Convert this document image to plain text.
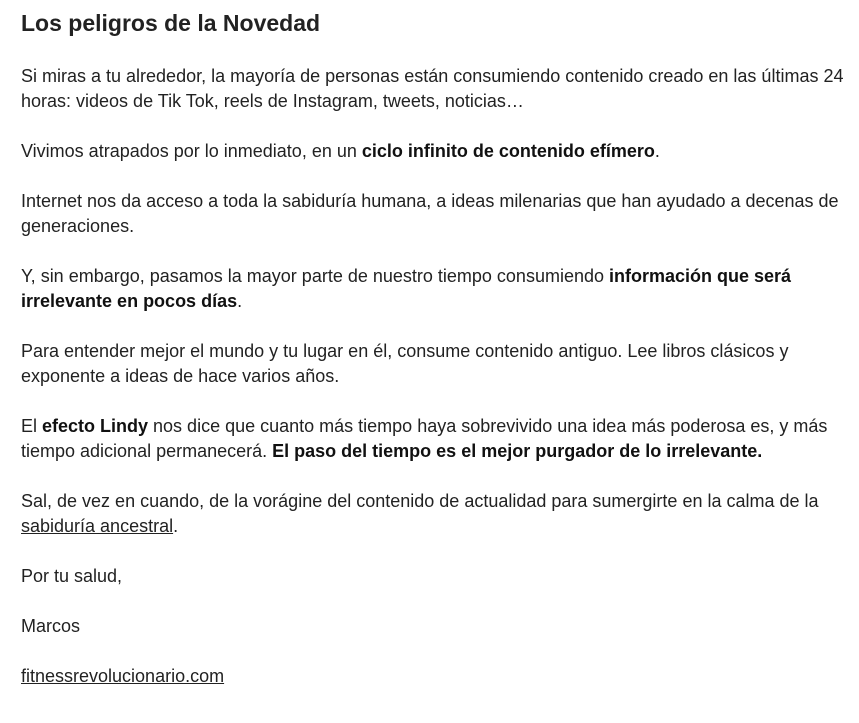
Los peligros de la Novedad

Si miras a tu alrededor, la mayoría de personas están consumiendo contenido creado en las últimas 24 horas: videos de Tik Tok, reels de Instagram, tweets, noticias…

Vivimos atrapados por lo inmediato, en un ciclo infinito de contenido efímero.

Internet nos da acceso a toda la sabiduría humana, a ideas milenarias que han ayudado a decenas de generaciones.

Y, sin embargo, pasamos la mayor parte de nuestro tiempo consumiendo información que será irrelevante en pocos días.

Para entender mejor el mundo y tu lugar en él, consume contenido antiguo. Lee libros clásicos y exponente a ideas de hace varios años.

El efecto Lindy nos dice que cuanto más tiempo haya sobrevivido una idea más poderosa es, y más tiempo adicional permanecerá. El paso del tiempo es el mejor purgador de lo irrelevante.

Sal, de vez en cuando, de la vorágine del contenido de actualidad para sumergirte en la calma de la sabiduría ancestral.

Por tu salud,

Marcos

fitnessrevolucionario.com
